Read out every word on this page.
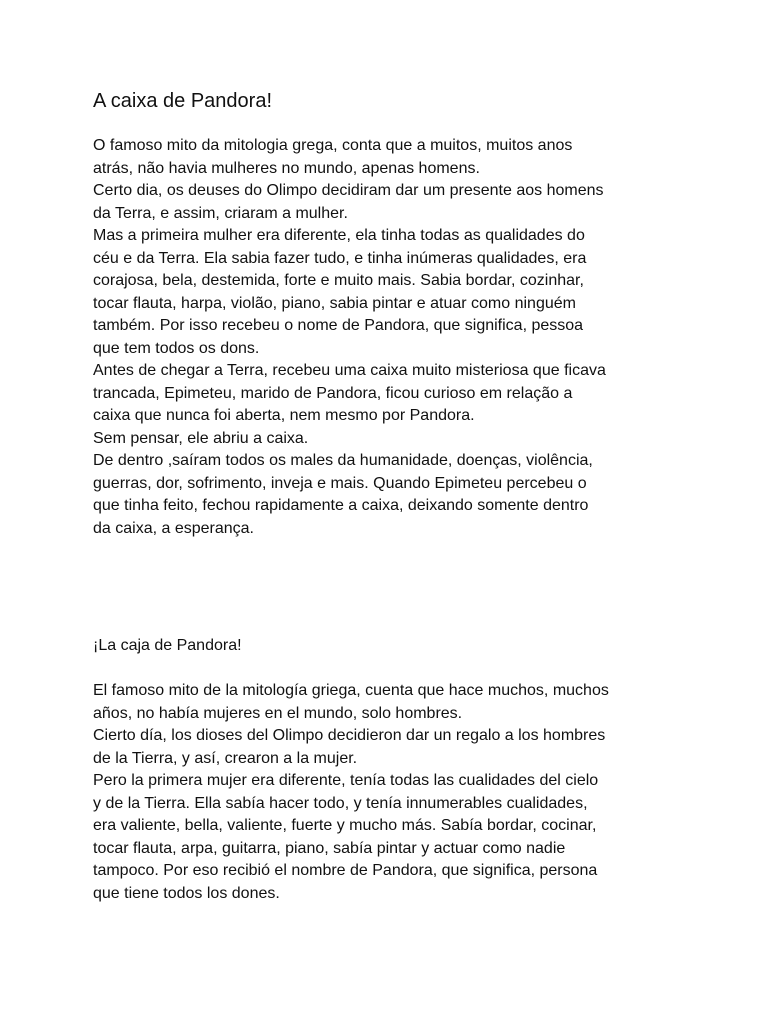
A caixa de Pandora!

O famoso mito da mitologia grega, conta que a muitos, muitos anos
atrás, não havia mulheres no mundo, apenas homens.
Certo dia, os deuses do Olimpo decidiram dar um presente aos homens
da Terra, e assim, criaram a mulher.
Mas a primeira mulher era diferente, ela tinha todas as qualidades do
céu e da Terra. Ela sabia fazer tudo, e tinha inúmeras qualidades, era
corajosa, bela, destemida, forte e muito mais. Sabia bordar, cozinhar,
tocar flauta, harpa, violão, piano, sabia pintar e atuar como ninguém
também. Por isso recebeu o nome de Pandora, que significa, pessoa
que tem todos os dons.
Antes de chegar a Terra, recebeu uma caixa muito misteriosa que ficava
trancada, Epimeteu, marido de Pandora, ficou curioso em relação a
caixa que nunca foi aberta, nem mesmo por Pandora.
Sem pensar, ele abriu a caixa.
De dentro ,saíram todos os males da humanidade, doenças, violência,
guerras, dor, sofrimento, inveja e mais. Quando Epimeteu percebeu o
que tinha feito, fechou rapidamente a caixa, deixando somente dentro
da caixa, a esperança.

¡La caja de Pandora!

El famoso mito de la mitología griega, cuenta que hace muchos, muchos
años, no había mujeres en el mundo, solo hombres.
Cierto día, los dioses del Olimpo decidieron dar un regalo a los hombres
de la Tierra, y así, crearon a la mujer.
Pero la primera mujer era diferente, tenía todas las cualidades del cielo
y de la Tierra. Ella sabía hacer todo, y tenía innumerables cualidades,
era valiente, bella, valiente, fuerte y mucho más. Sabía bordar, cocinar,
tocar flauta, arpa, guitarra, piano, sabía pintar y actuar como nadie
tampoco. Por eso recibió el nombre de Pandora, que significa, persona
que tiene todos los dones.
